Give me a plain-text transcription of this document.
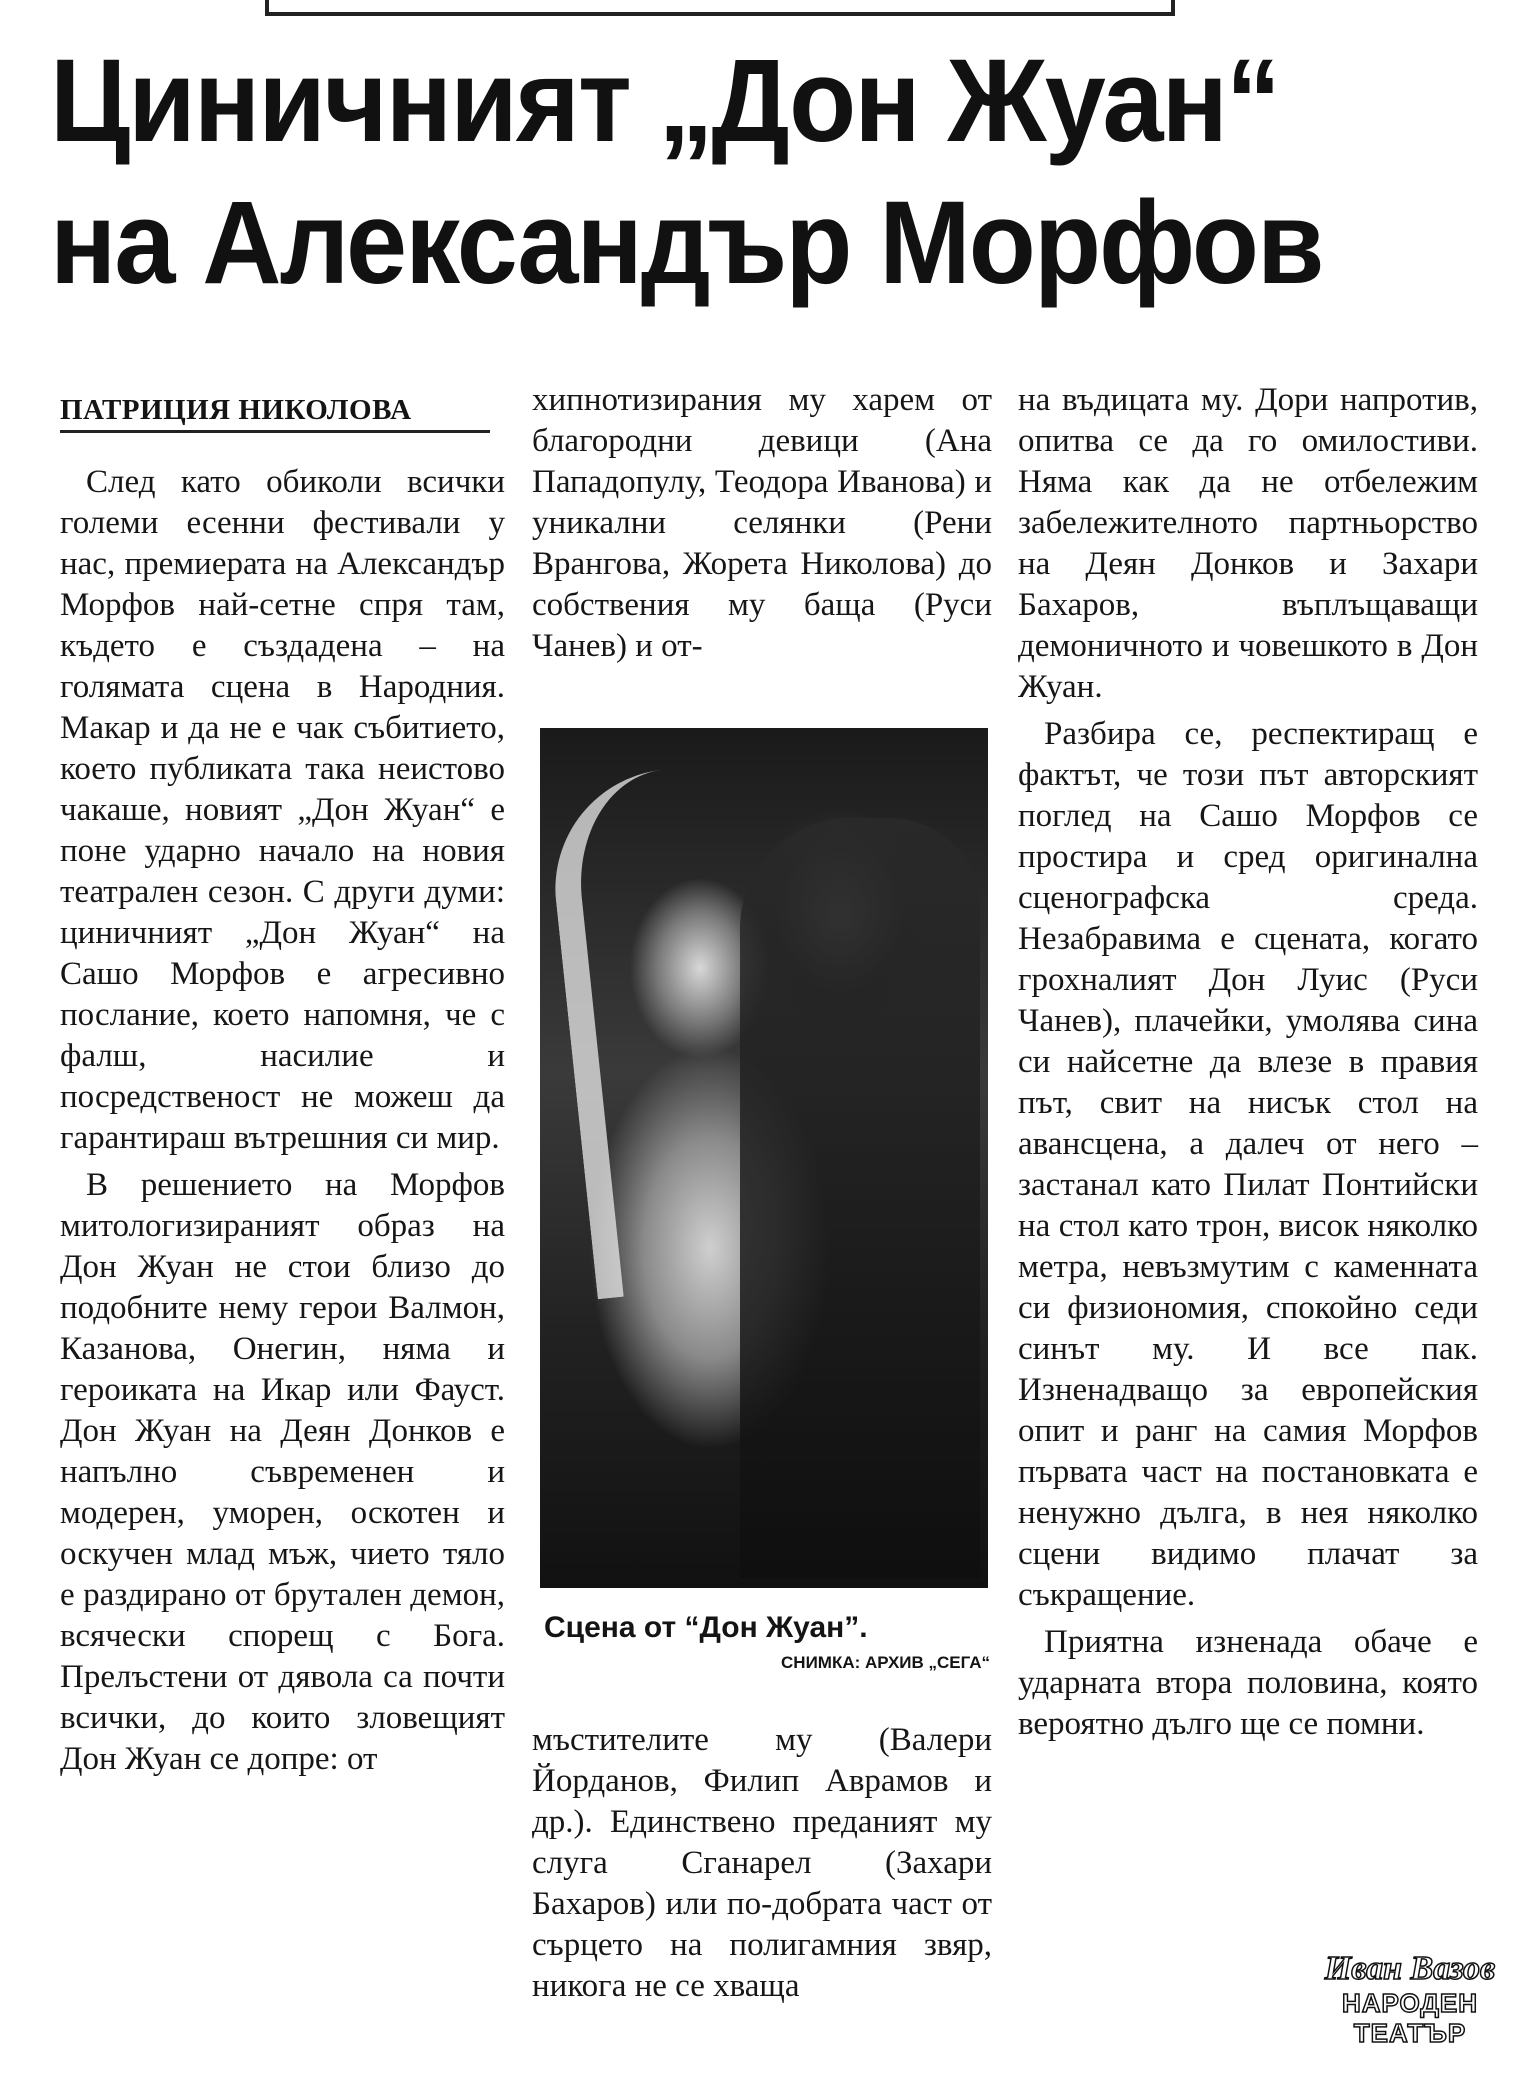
Циничният „Дон Жуан“
на Александър Морфов
ПАТРИЦИЯ НИКОЛОВА

След като обиколи всички големи есенни фестивали у нас, премиерата на Александър Морфов най-сетне спря там, където е създадена – на голямата сцена в Народния. Макар и да не е чак събитието, което публиката така неистово чакаше, новият „Дон Жуан“ е поне ударно начало на новия театрален сезон. С други думи: циничният „Дон Жуан“ на Сашо Морфов е агресивно послание, което напомня, че с фалш, насилие и посредственост не можеш да гарантираш вътрешния си мир.

В решението на Морфов митологизираният образ на Дон Жуан не стои близо до подобните нему герои Валмон, Казанова, Онегин, няма и героиката на Икар или Фауст. Дон Жуан на Деян Донков е напълно съвременен и модерен, уморен, оскотен и оскучен млад мъж, чието тяло е раздирано от брутален демон, всячески спорещ с Бога. Прелъстени от дявола са почти всички, до които зловещият Дон Жуан се допре: от

хипнотизирания му харем от благородни девици (Ана Пападопулу, Теодора Иванова) и уникални селянки (Рени Врангова, Жорета Николова) до собствения му баща (Руси Чанев) и от-

Сцена от “Дон Жуан”.
СНИМКА: АРХИВ „СЕГА“

мъстителите му (Валери Йорданов, Филип Аврамов и др.). Единствено преданият му слуга Сганарел (Захари Бахаров) или по-добрата част от сърцето на полигамния звяр, никога не се хваща

на въдицата му. Дори напротив, опитва се да го омилостиви. Няма как да не отбележим забележителното партньорство на Деян Донков и Захари Бахаров, въплъщаващи демоничното и човешкото в Дон Жуан.

Разбира се, респектиращ е фактът, че този път авторският поглед на Сашо Морфов се простира и сред оригинална сценографска среда. Незабравима е сцената, когато грохналият Дон Луис (Руси Чанев), плачейки, умолява сина си найсетне да влезе в правия път, свит на нисък стол на авансцена, а далеч от него – застанал като Пилат Понтийски на стол като трон, висок няколко метра, невъзмутим с каменната си физиономия, спокойно седи синът му. И все пак. Изненадващо за европейския опит и ранг на самия Морфов първата част на постановката е ненужно дълга, в нея няколко сцени видимо плачат за съкращение.

Приятна изненада обаче е ударната втора половина, която вероятно дълго ще се помни.

Иван Вазов
НАРОДЕН
ТЕАТЪР
